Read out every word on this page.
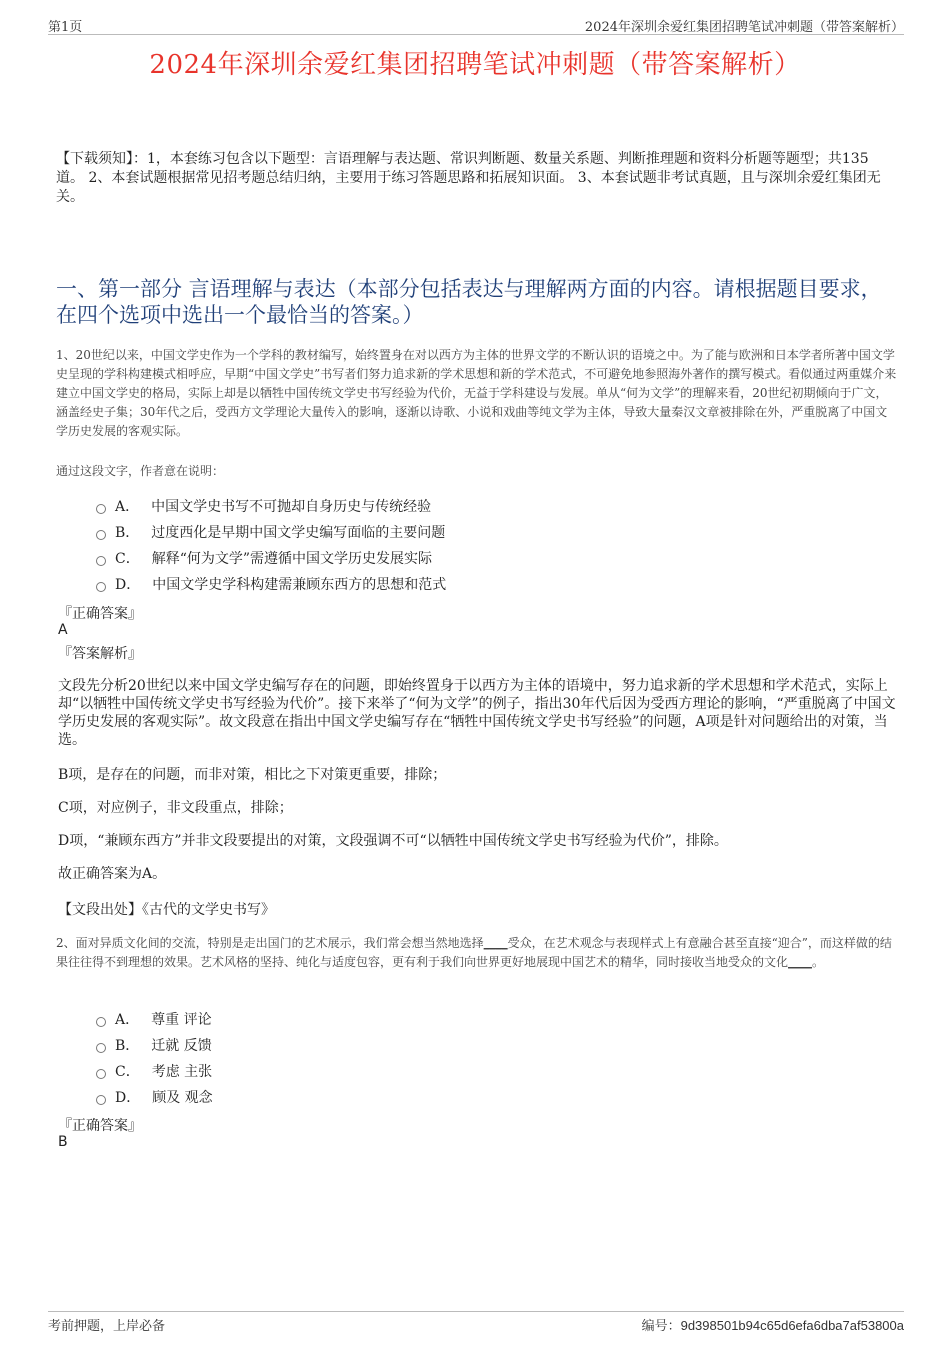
第1页	2024年深圳余爱红集团招聘笔试冲刺题（带答案解析）
2024年深圳余爱红集团招聘笔试冲刺题（带答案解析）
【下载须知】：1，本套练习包含以下题型：言语理解与表达题、常识判断题、数量关系题、判断推理题和资料分析题等题型；共135道。 2、本套试题根据常见招考题总结归纳，主要用于练习答题思路和拓展知识面。 3、本套试题非考试真题，且与深圳余爱红集团无关。
一、第一部分 言语理解与表达（本部分包括表达与理解两方面的内容。请根据题目要求，在四个选项中选出一个最恰当的答案。）
1、20世纪以来，中国文学史作为一个学科的教材编写，始终置身在对以西方为主体的世界文学的不断认识的语境之中。为了能与欧洲和日本学者所著中国文学史呈现的学科构建模式相呼应，早期“中国文学史”书写者们努力追求新的学术思想和新的学术范式，不可避免地参照海外著作的撰写模式。看似通过两重媒介来建立中国文学史的格局，实际上却是以牺牲中国传统文学史书写经验为代价，无益于学科建设与发展。单从“何为文学”的理解来看，20世纪初期倾向于广文，涵盖经史子集；30年代之后，受西方文学理论大量传入的影响，逐渐以诗歌、小说和戏曲等纯文学为主体，导致大量秦汉文章被排除在外，严重脱离了中国文学历史发展的客观实际。
通过这段文字，作者意在说明：
A． 中国文学史书写不可抛却自身历史与传统经验
B． 过度西化是早期中国文学史编写面临的主要问题
C． 解释“何为文学”需遵循中国文学历史发展实际
D． 中国文学史学科构建需兼顾东西方的思想和范式
『正确答案』
A
『答案解析』
文段先分析20世纪以来中国文学史编写存在的问题，即始终置身于以西方为主体的语境中，努力追求新的学术思想和学术范式，实际上却“以牺牲中国传统文学史书写经验为代价”。接下来举了“何为文学”的例子，指出30年代后因为受西方理论的影响，“严重脱离了中国文学历史发展的客观实际”。故文段意在指出中国文学史编写存在“牺牲中国传统文学史书写经验”的问题，A项是针对问题给出的对策，当选。
B项，是存在的问题，而非对策，相比之下对策更重要，排除；
C项，对应例子，非文段重点，排除；
D项，“兼顾东西方”并非文段要提出的对策，文段强调不可“以牺牲中国传统文学史书写经验为代价”，排除。
故正确答案为A。
【文段出处】《古代的文学史书写》
2、面对异质文化间的交流，特别是走出国门的艺术展示，我们常会想当然地选择____受众，在艺术观念与表现样式上有意融合甚至直接“迎合”，而这样做的结果往往得不到理想的效果。艺术风格的坚持、纯化与适度包容，更有利于我们向世界更好地展现中国艺术的精华，同时接收当地受众的文化____。
A． 尊重 评论
B． 迁就 反馈
C． 考虑 主张
D． 顾及 观念
『正确答案』
B
考前押题，上岸必备	编号：9d398501b94c65d6efa6dba7af53800a
